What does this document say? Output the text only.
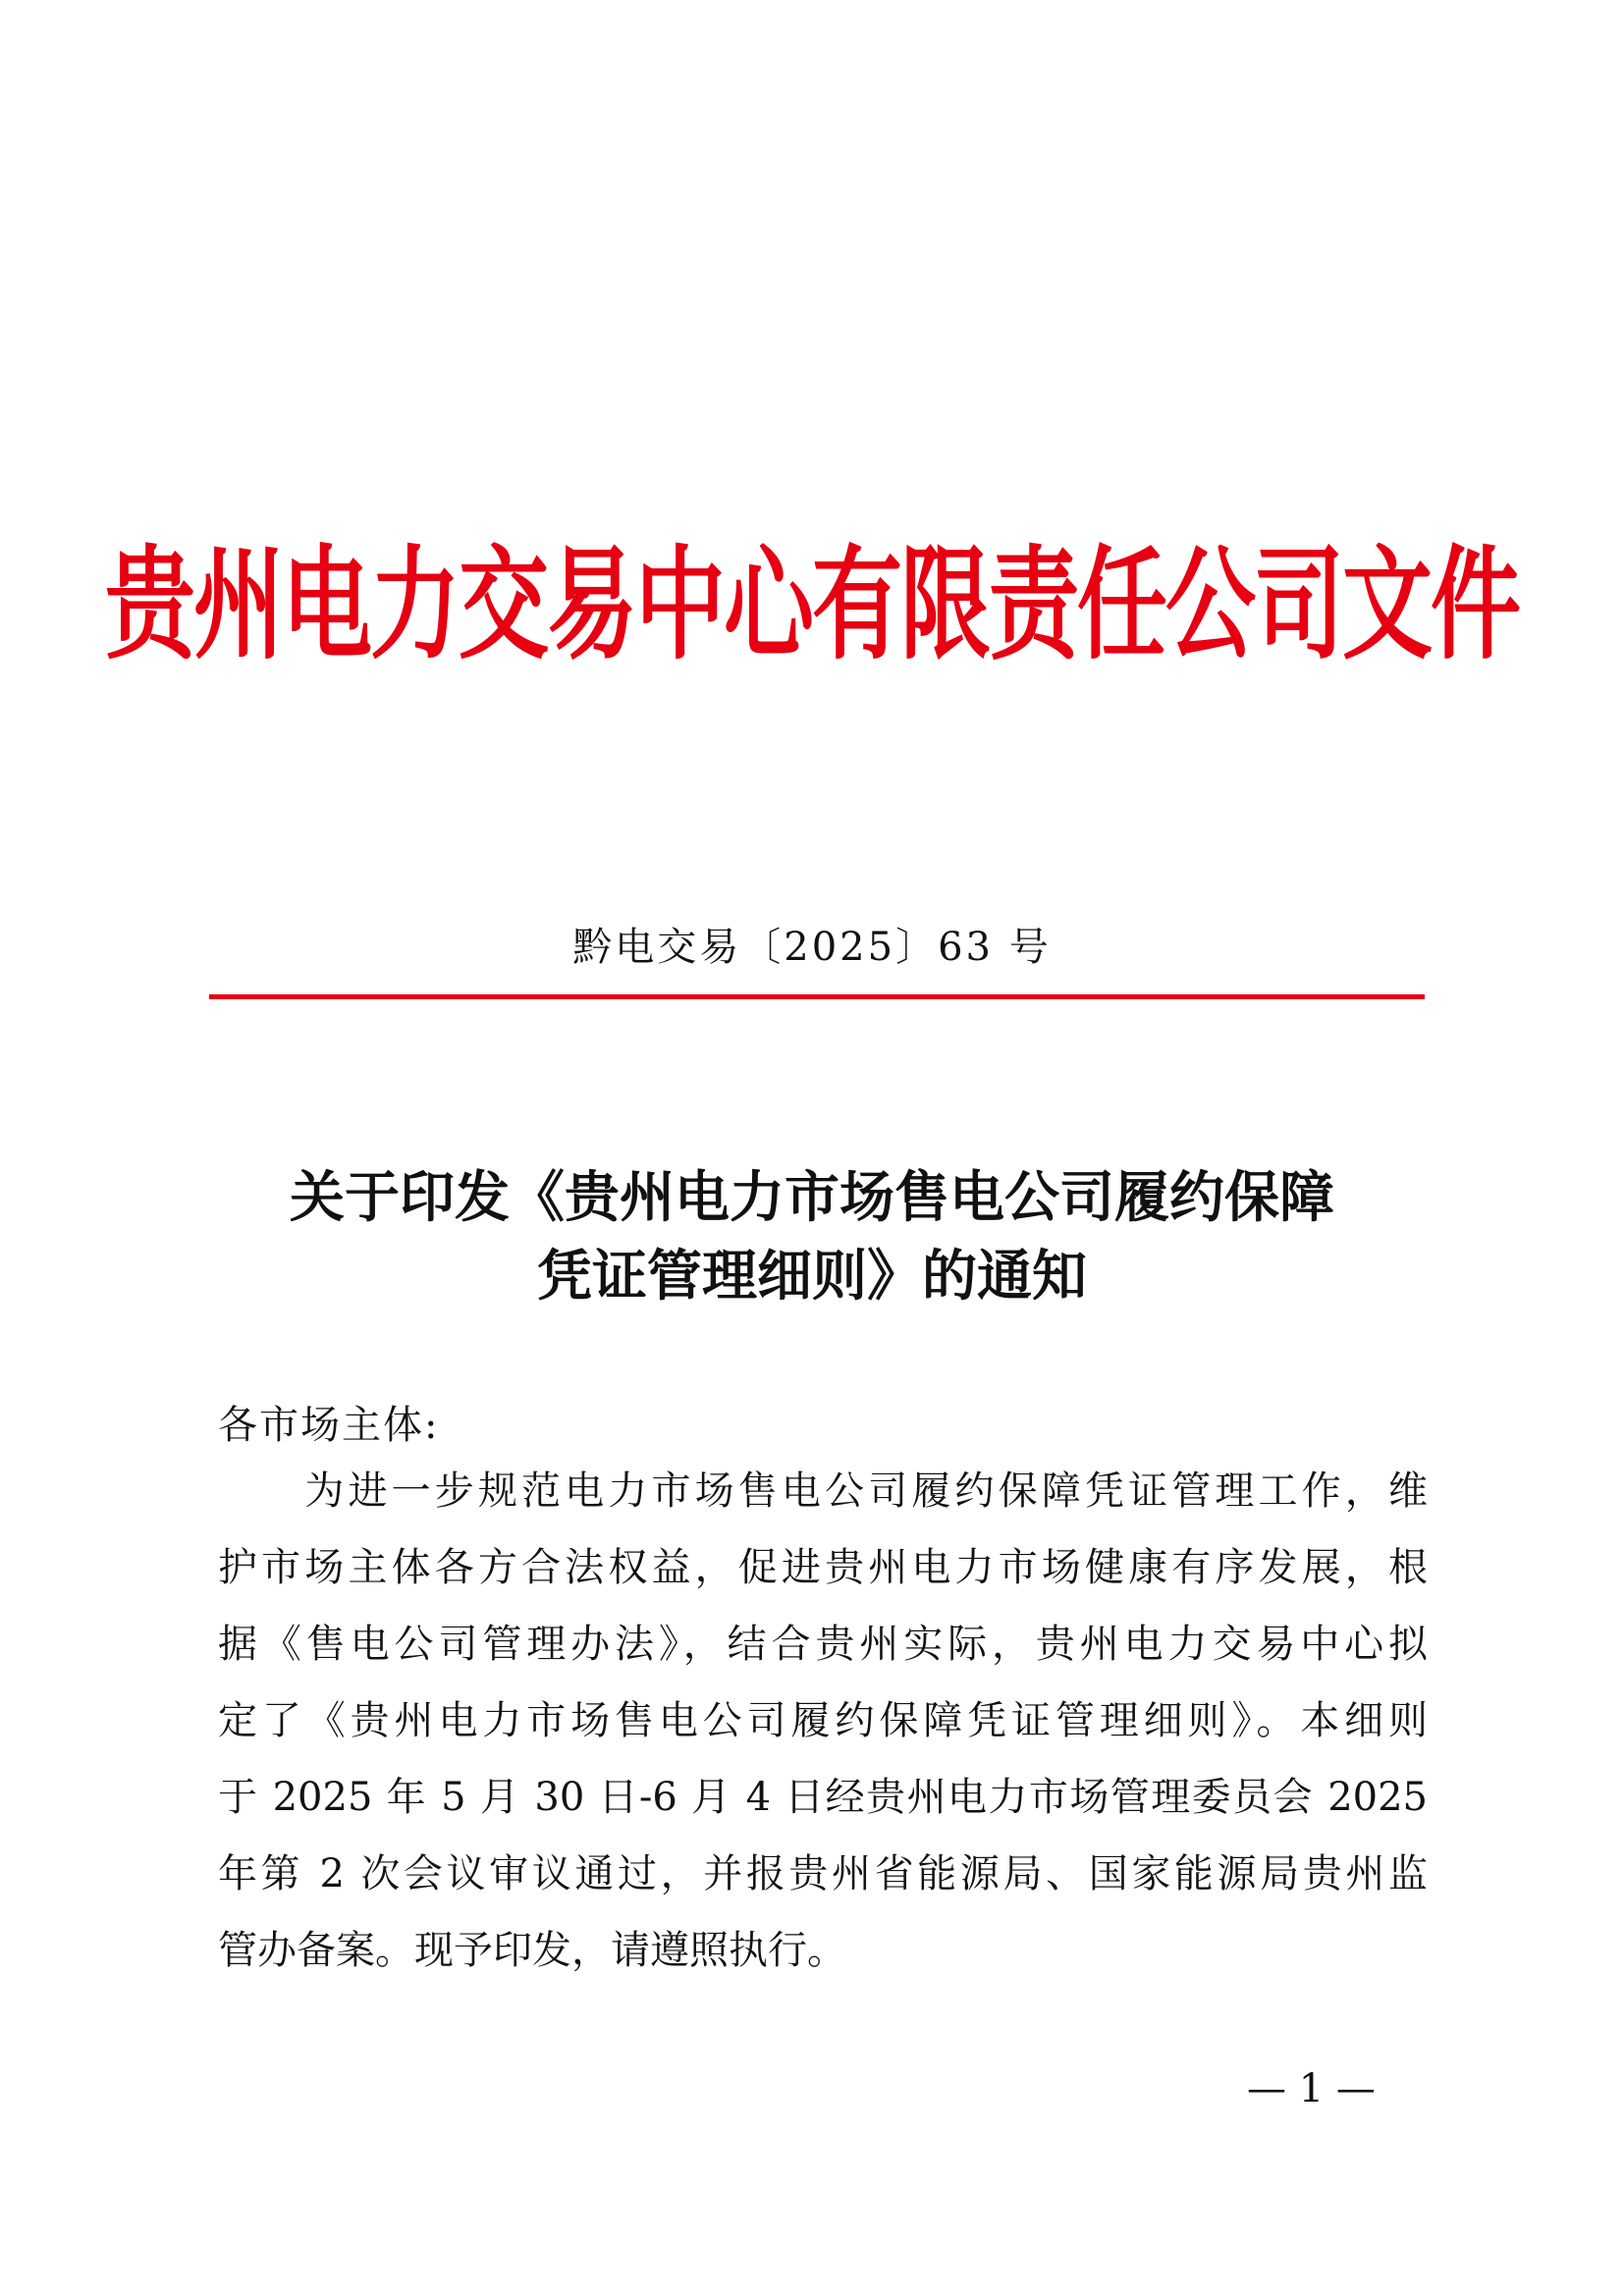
贵州电力交易中心有限责任公司文件
黔电交易〔2025〕63 号
关于印发《贵州电力市场售电公司履约保障
凭证管理细则》的通知
各市场主体:
　　为进一步规范电力市场售电公司履约保障凭证管理工作，维
护市场主体各方合法权益，促进贵州电力市场健康有序发展，根
据《售电公司管理办法》，结合贵州实际，贵州电力交易中心拟
定了《贵州电力市场售电公司履约保障凭证管理细则》。本细则
于 2025 年 5 月 30 日-6 月 4 日经贵州电力市场管理委员会 2025
年第 2 次会议审议通过，并报贵州省能源局、国家能源局贵州监
管办备案。现予印发，请遵照执行。
— 1 —
